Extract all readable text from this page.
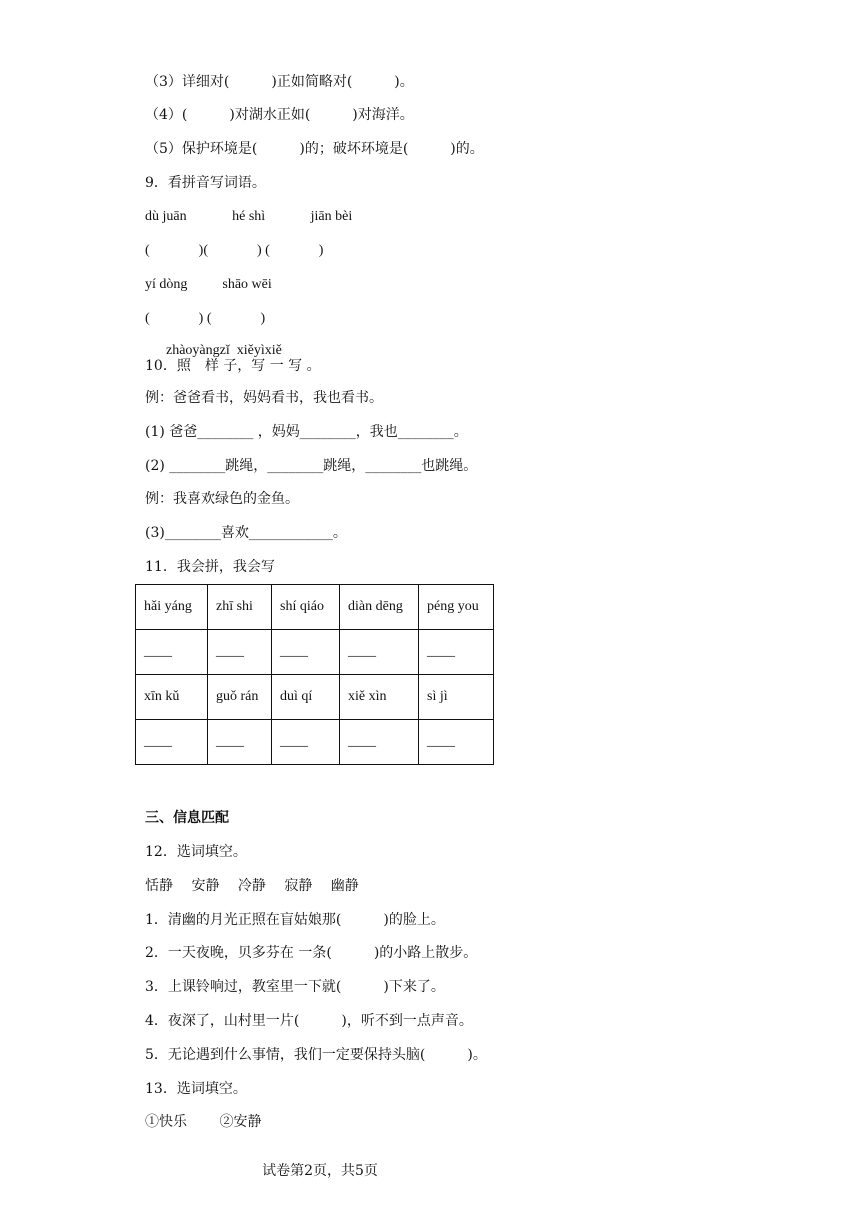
（3）详细对(　　　)正如简略对(　　　)。
（4）(　　　)对湖水正如(　　　)对海洋。
（5）保护环境是(　　　)的；破坏环境是(　　　)的。
9．看拼音写词语。
dù juān             hé shì             jiān bèi
(              )(              ) (              )
yí dòng          shāo wēi
(              ) (              )
zhàoyàngzǐ  xiěyìxiě
10．照　样 子，写 一 写 。
例：爸爸看书，妈妈看书，我也看书。
(1) 爸爸________ ，妈妈________，我也________。
(2) ________跳绳，________跳绳，________也跳绳。
例：我喜欢绿色的金鱼。
(3)________喜欢____________。
11．我会拼，我会写
hǎi yáng	zhī shi	shí qiáo	diàn dēng	péng you
____	____	____	____	____
xīn kǔ	guǒ rán	duì qí	xiě xìn	sì jì
____	____	____	____	____
三、信息匹配
12．选词填空。
恬静　 安静　 冷静　 寂静　 幽静
1．清幽的月光正照在盲姑娘那(　　　)的脸上。
2．一天夜晚，贝多芬在 一条(　　　)的小路上散步。
3．上课铃响过，教室里一下就(　　　)下来了。
4．夜深了，山村里一片(　　　)，听不到一点声音。
5．无论遇到什么事情，我们一定要保持头脑(　　　)。
13．选词填空。
①快乐　　 ②安静
试卷第2页，共5页
